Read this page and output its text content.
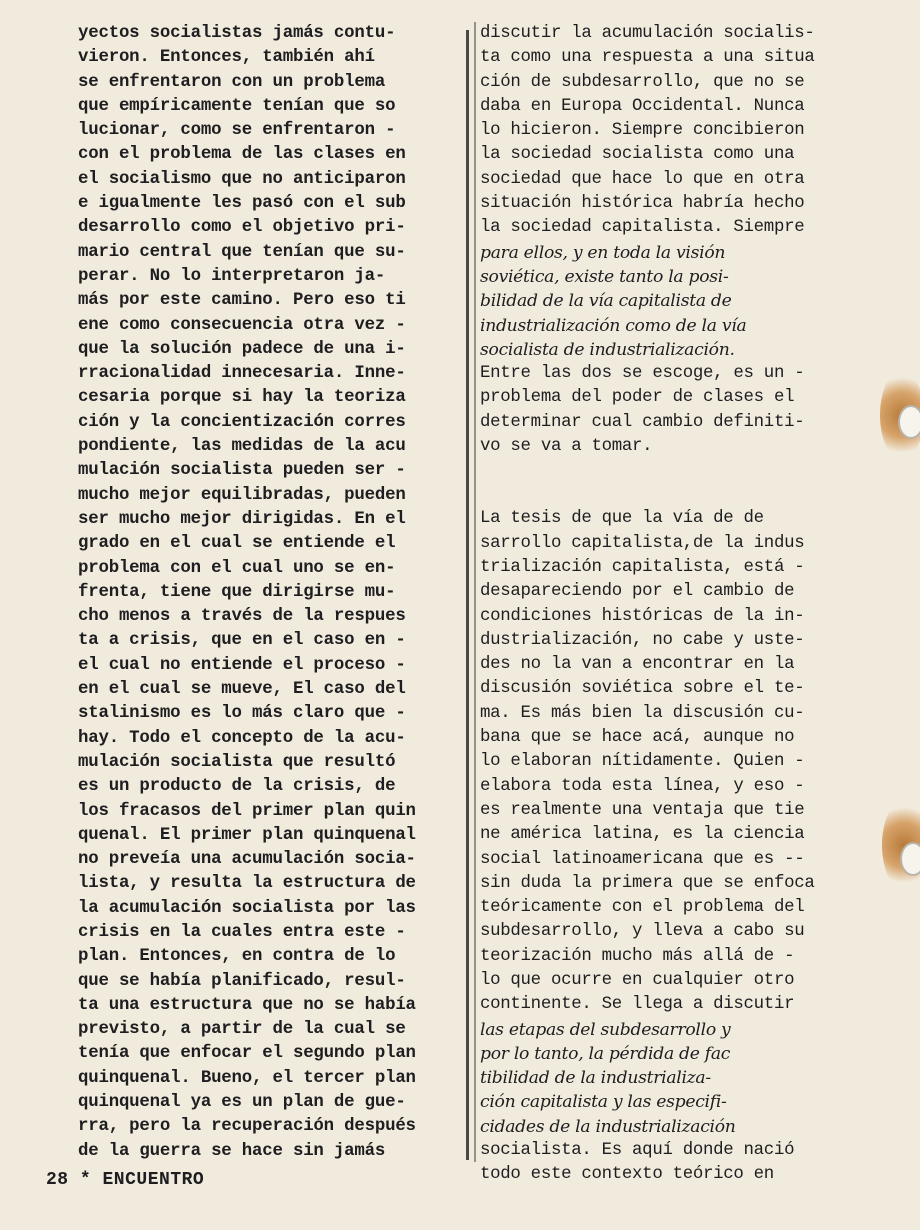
yectos socialistas jamás contu-
vieron. Entonces, también ahí
se enfrentaron con un problema
que empíricamente tenían que so
lucionar, como se enfrentaron -
con el problema de las clases en
el socialismo que no anticiparon
e igualmente les pasó con el sub
desarrollo como el objetivo pri-
mario central que tenían que su-
perar. No lo interpretaron ja-
más por este camino. Pero eso ti
ene como consecuencia otra vez -
que la solución padece de una i-
rracionalidad innecesaria. Inne-
cesaria porque si hay la teoriza
ción y la concientización corres
pondiente, las medidas de la acu
mulación socialista pueden ser -
mucho mejor equilibradas, pueden
ser mucho mejor dirigidas. En el
grado en el cual se entiende el
problema con el cual uno se en-
frenta, tiene que dirigirse mu-
cho menos a través de la respues
ta a crisis, que en el caso en -
el cual no entiende el proceso -
en el cual se mueve, El caso del
stalinismo es lo más claro que -
hay. Todo el concepto de la acu-
mulación socialista que resultó
es un producto de la crisis, de
los fracasos del primer plan quin
quenal. El primer plan quinquenal
no preveía una acumulación socia-
lista, y resulta la estructura de
la acumulación socialista por las
crisis en la cuales entra este -
plan. Entonces, en contra de lo
que se había planificado, resul-
ta una estructura que no se había
previsto, a partir de la cual se
tenía que enfocar el segundo plan
quinquenal. Bueno, el tercer plan
quinquenal ya es un plan de gue-
rra, pero la recuperación después
de la guerra se hace sin jamás
discutir la acumulación socialis-
ta como una respuesta a una situa
ción de subdesarrollo, que no se
daba en Europa Occidental. Nunca
lo hicieron. Siempre concibieron
la sociedad socialista como una
sociedad que hace lo que en otra
situación histórica habría hecho
la sociedad capitalista. Siempre
para ellos, y en toda la visión
soviética, existe tanto la posi-
bilidad de la vía capitalista de
industrialización como de la vía
socialista de industrialización.
Entre las dos se escoge, es un -
problema del poder de clases el
determinar cual cambio definiti-
vo se va a tomar.
La tesis de que la vía de de
sarrollo capitalista,de la indus
trialización capitalista, está -
desapareciendo por el cambio de
condiciones históricas de la in-
dustrialización, no cabe y uste-
des no la van a encontrar en la
discusión soviética sobre el te-
ma. Es más bien la discusión cu-
bana que se hace acá, aunque no
lo elaboran nítidamente. Quien -
elabora toda esta línea, y eso -
es realmente una ventaja que tie
ne américa latina, es la ciencia
social latinoamericana que es --
sin duda la primera que se enfoca
teóricamente con el problema del
subdesarrollo, y lleva a cabo su
teorización mucho más allá de -
lo que ocurre en cualquier otro
continente. Se llega a discutir
las etapas del subdesarrollo y
por lo tanto, la pérdida de fac
tibilidad de la industrializa-
ción capitalista y las especifi-
cidades de la industrialización
socialista. Es aquí donde nació
todo este contexto teórico en
28 * ENCUENTRO
